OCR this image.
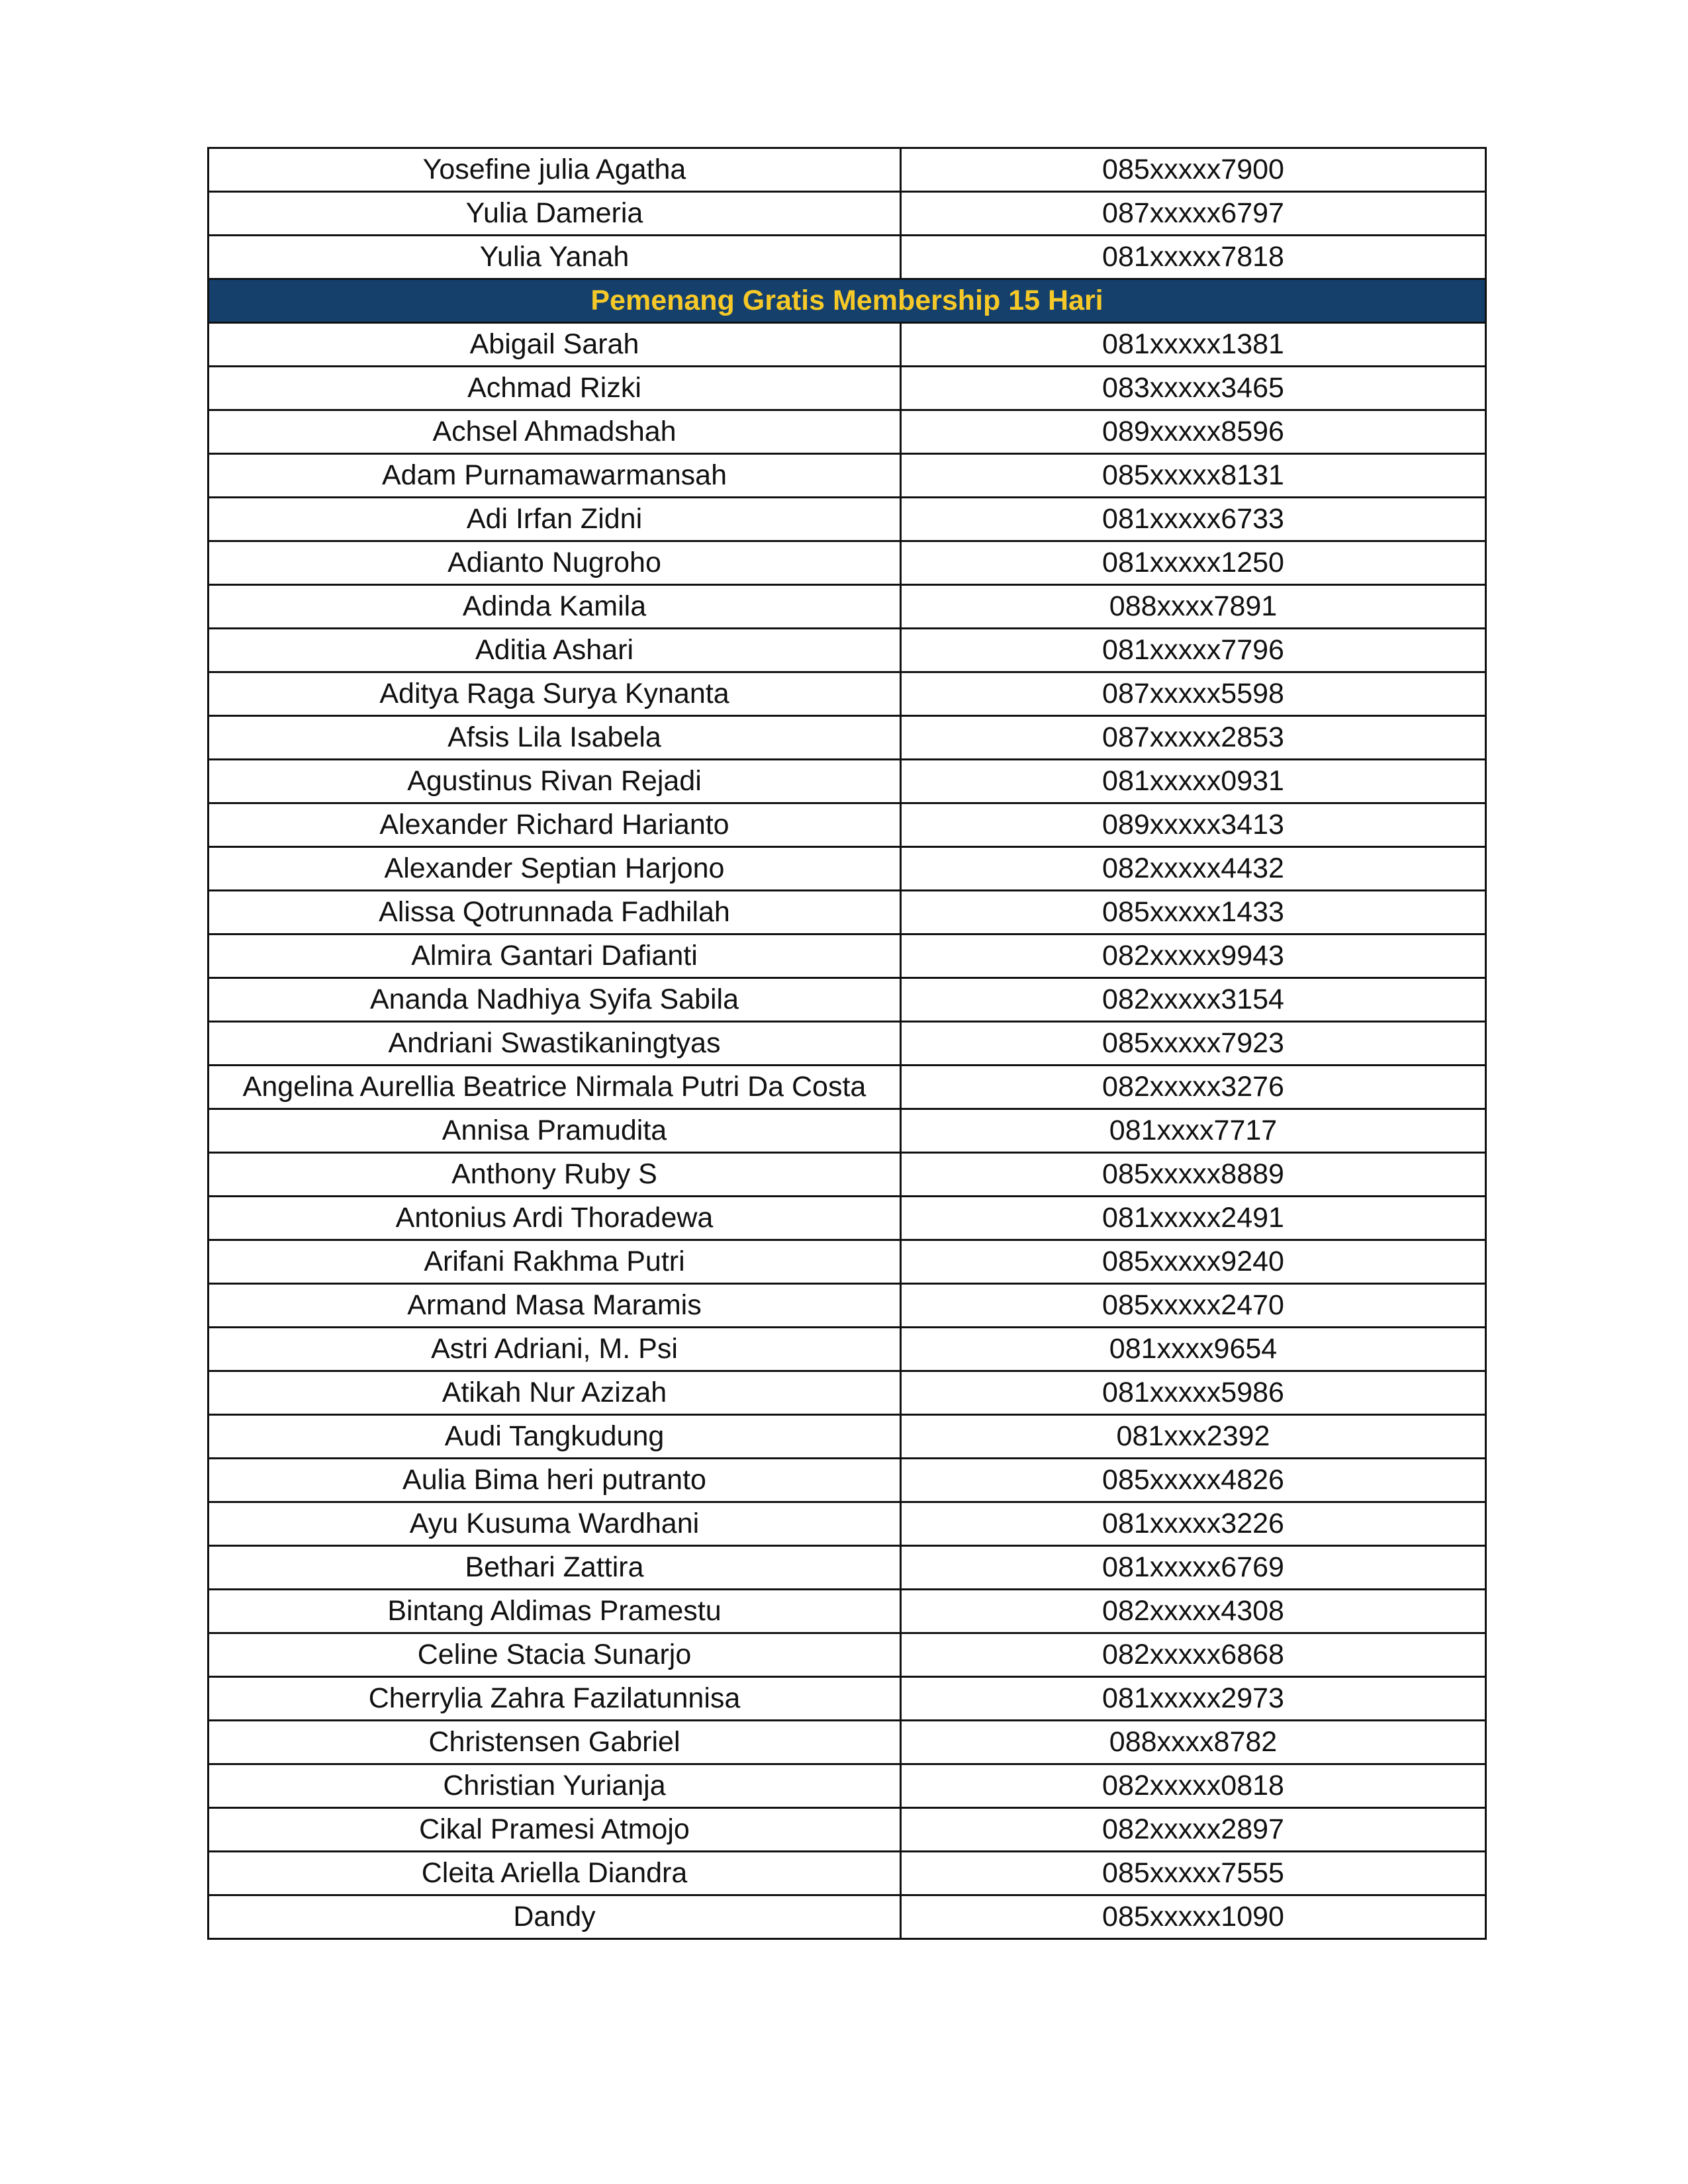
Yosefine julia Agatha	085xxxxx7900
Yulia Dameria	087xxxxx6797
Yulia Yanah	081xxxxx7818
Pemenang Gratis Membership 15 Hari	
Abigail Sarah	081xxxxx1381
Achmad Rizki	083xxxxx3465
Achsel Ahmadshah	089xxxxx8596
Adam Purnamawarmansah	085xxxxx8131
Adi Irfan Zidni	081xxxxx6733
Adianto Nugroho	081xxxxx1250
Adinda Kamila	088xxxx7891
Aditia Ashari	081xxxxx7796
Aditya Raga Surya Kynanta	087xxxxx5598
Afsis Lila Isabela	087xxxxx2853
Agustinus Rivan Rejadi	081xxxxx0931
Alexander Richard Harianto	089xxxxx3413
Alexander Septian Harjono	082xxxxx4432
Alissa Qotrunnada Fadhilah	085xxxxx1433
Almira Gantari Dafianti	082xxxxx9943
Ananda Nadhiya Syifa Sabila	082xxxxx3154
Andriani Swastikaningtyas	085xxxxx7923
Angelina Aurellia Beatrice Nirmala Putri Da Costa	082xxxxx3276
Annisa Pramudita	081xxxx7717
Anthony Ruby S	085xxxxx8889
Antonius Ardi Thoradewa	081xxxxx2491
Arifani Rakhma Putri	085xxxxx9240
Armand Masa Maramis	085xxxxx2470
Astri Adriani, M. Psi	081xxxx9654
Atikah Nur Azizah	081xxxxx5986
Audi Tangkudung	081xxx2392
Aulia Bima heri putranto	085xxxxx4826
Ayu Kusuma Wardhani	081xxxxx3226
Bethari Zattira	081xxxxx6769
Bintang Aldimas Pramestu	082xxxxx4308
Celine Stacia Sunarjo	082xxxxx6868
Cherrylia Zahra Fazilatunnisa	081xxxxx2973
Christensen Gabriel	088xxxx8782
Christian Yurianja	082xxxxx0818
Cikal Pramesi Atmojo	082xxxxx2897
Cleita Ariella Diandra	085xxxxx7555
Dandy	085xxxxx1090
